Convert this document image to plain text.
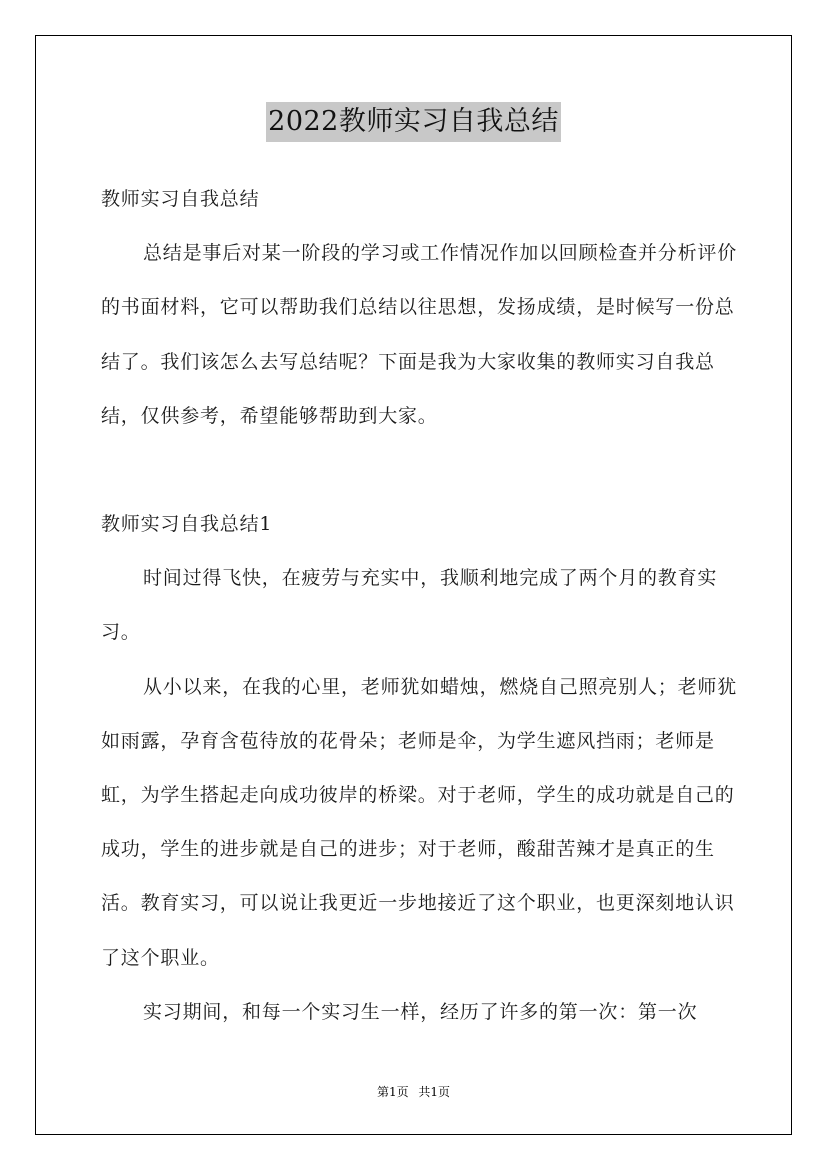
2022教师实习自我总结

教师实习自我总结

总结是事后对某一阶段的学习或工作情况作加以回顾检查并分析评价的书面材料，它可以帮助我们总结以往思想，发扬成绩，是时候写一份总结了。我们该怎么去写总结呢？下面是我为大家收集的教师实习自我总结，仅供参考，希望能够帮助到大家。

教师实习自我总结1

时间过得飞快，在疲劳与充实中，我顺利地完成了两个月的教育实习。

从小以来，在我的心里，老师犹如蜡烛，燃烧自己照亮别人；老师犹如雨露，孕育含苞待放的花骨朵；老师是伞，为学生遮风挡雨；老师是虹，为学生搭起走向成功彼岸的桥梁。对于老师，学生的成功就是自己的成功，学生的进步就是自己的进步；对于老师，酸甜苦辣才是真正的生活。教育实习，可以说让我更近一步地接近了这个职业，也更深刻地认识了这个职业。

实习期间，和每一个实习生一样，经历了许多的第一次：第一次

第1页 共1页
